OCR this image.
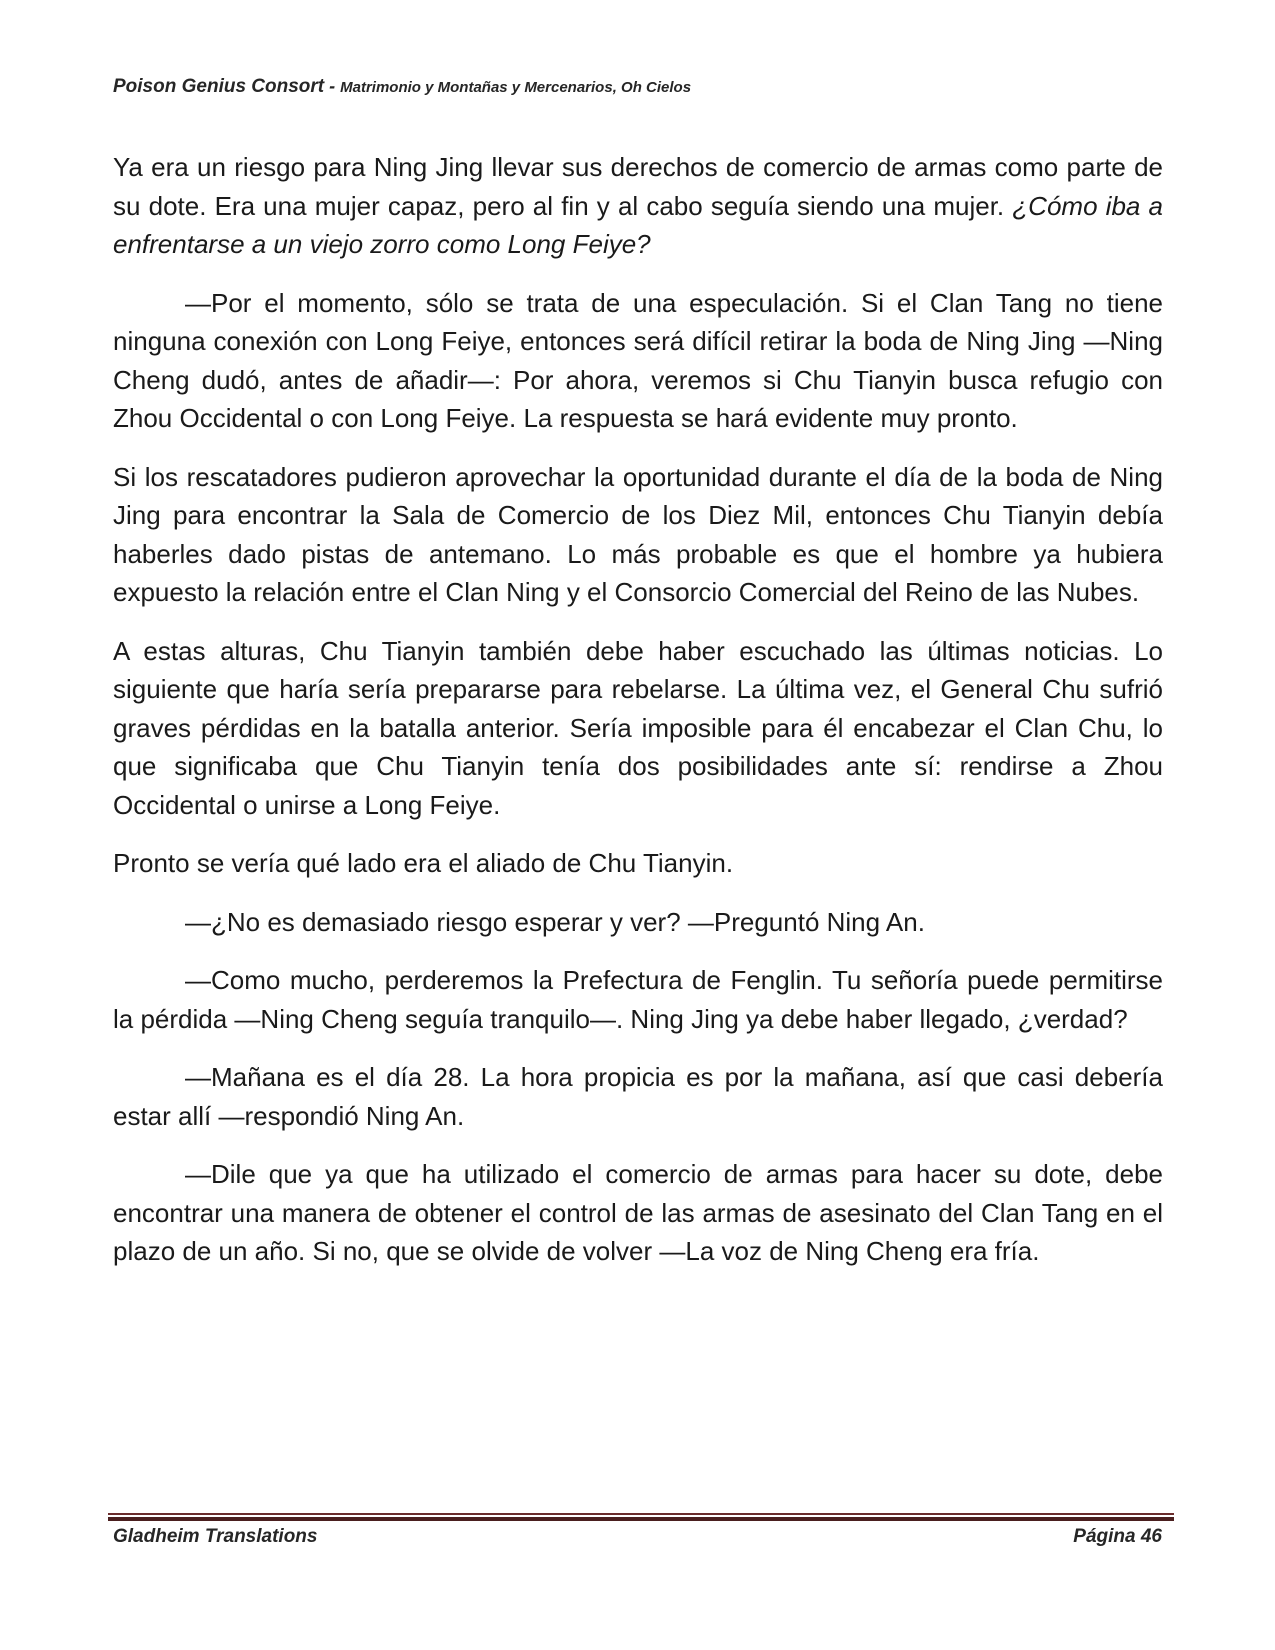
Poison Genius Consort - Matrimonio y Montañas y Mercenarios, Oh Cielos

Ya era un riesgo para Ning Jing llevar sus derechos de comercio de armas como parte de su dote. Era una mujer capaz, pero al fin y al cabo seguía siendo una mujer. ¿Cómo iba a enfrentarse a un viejo zorro como Long Feiye?

—Por el momento, sólo se trata de una especulación. Si el Clan Tang no tiene ninguna conexión con Long Feiye, entonces será difícil retirar la boda de Ning Jing —Ning Cheng dudó, antes de añadir—: Por ahora, veremos si Chu Tianyin busca refugio con Zhou Occidental o con Long Feiye. La respuesta se hará evidente muy pronto.

Si los rescatadores pudieron aprovechar la oportunidad durante el día de la boda de Ning Jing para encontrar la Sala de Comercio de los Diez Mil, entonces Chu Tianyin debía haberles dado pistas de antemano. Lo más probable es que el hombre ya hubiera expuesto la relación entre el Clan Ning y el Consorcio Comercial del Reino de las Nubes.

A estas alturas, Chu Tianyin también debe haber escuchado las últimas noticias. Lo siguiente que haría sería prepararse para rebelarse. La última vez, el General Chu sufrió graves pérdidas en la batalla anterior. Sería imposible para él encabezar el Clan Chu, lo que significaba que Chu Tianyin tenía dos posibilidades ante sí: rendirse a Zhou Occidental o unirse a Long Feiye.

Pronto se vería qué lado era el aliado de Chu Tianyin.

—¿No es demasiado riesgo esperar y ver? —Preguntó Ning An.

—Como mucho, perderemos la Prefectura de Fenglin. Tu señoría puede permitirse la pérdida —Ning Cheng seguía tranquilo—. Ning Jing ya debe haber llegado, ¿verdad?

—Mañana es el día 28. La hora propicia es por la mañana, así que casi debería estar allí —respondió Ning An.

—Dile que ya que ha utilizado el comercio de armas para hacer su dote, debe encontrar una manera de obtener el control de las armas de asesinato del Clan Tang en el plazo de un año. Si no, que se olvide de volver —La voz de Ning Cheng era fría.

Gladheim Translations	Página 46
